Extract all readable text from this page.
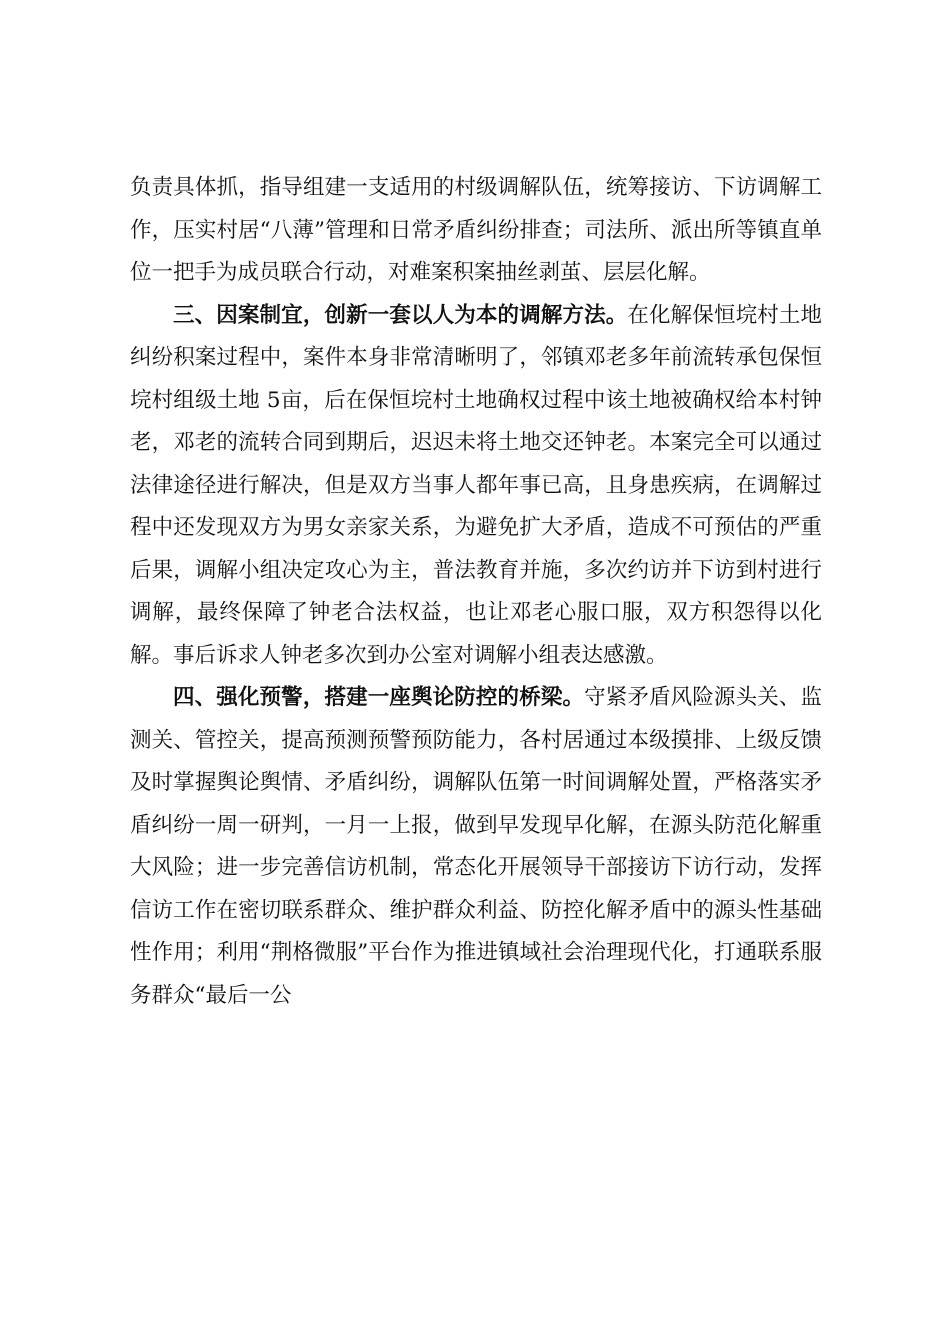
负责具体抓，指导组建一支适用的村级调解队伍，统筹接访、下访调解工作，压实村居“八薄”管理和日常矛盾纠纷排查；司法所、派出所等镇直单位一把手为成员联合行动，对难案积案抽丝剥茧、层层化解。

三、因案制宜，创新一套以人为本的调解方法。在化解保恒垸村土地纠纷积案过程中，案件本身非常清晰明了，邻镇邓老多年前流转承包保恒垸村组级土地 5亩，后在保恒垸村土地确权过程中该土地被确权给本村钟老，邓老的流转合同到期后，迟迟未将土地交还钟老。本案完全可以通过法律途径进行解决，但是双方当事人都年事已高，且身患疾病，在调解过程中还发现双方为男女亲家关系，为避免扩大矛盾，造成不可预估的严重后果，调解小组决定攻心为主，普法教育并施，多次约访并下访到村进行调解，最终保障了钟老合法权益，也让邓老心服口服，双方积怨得以化解。事后诉求人钟老多次到办公室对调解小组表达感激。

四、强化预警，搭建一座舆论防控的桥梁。守紧矛盾风险源头关、监测关、管控关，提高预测预警预防能力，各村居通过本级摸排、上级反馈及时掌握舆论舆情、矛盾纠纷，调解队伍第一时间调解处置，严格落实矛盾纠纷一周一研判，一月一上报，做到早发现早化解，在源头防范化解重大风险；进一步完善信访机制，常态化开展领导干部接访下访行动，发挥信访工作在密切联系群众、维护群众利益、防控化解矛盾中的源头性基础性作用；利用“荆格微服”平台作为推进镇域社会治理现代化，打通联系服务群众“最后一公
